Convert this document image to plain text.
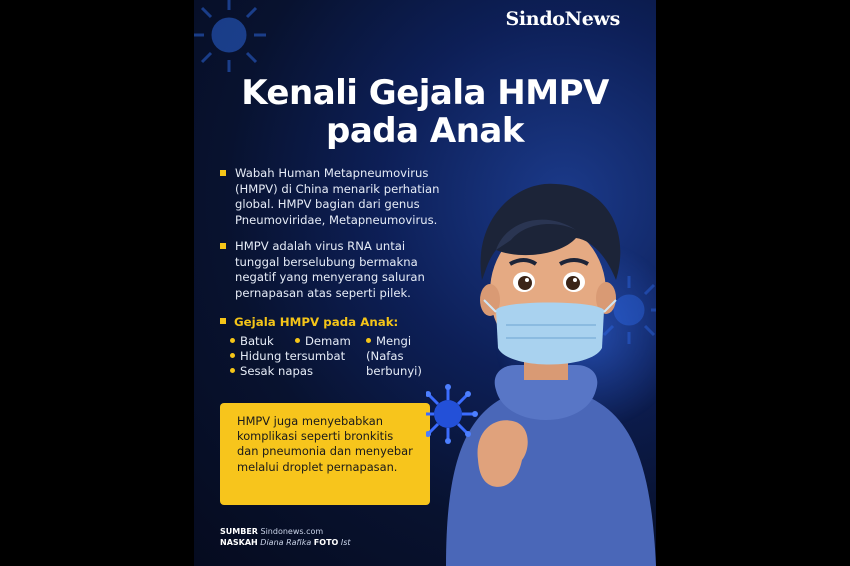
SindoNews
Kenali Gejala HMPV
pada Anak
Wabah Human Metapneumovirus (HMPV) di China menarik perhatian global. HMPV bagian dari genus Pneumoviridae, Metapneumovirus.
HMPV adalah virus RNA untai tunggal berselubung bermakna negatif yang menyerang saluran pernapasan atas seperti pilek.
Gejala HMPV pada Anak:
Batuk	Demam	Mengi (Nafas berbunyi)
Hidung tersumbat
Sesak napas
HMPV juga menyebabkan komplikasi seperti bronkitis dan pneumonia dan menyebar melalui droplet pernapasan.
SUMBER Sindonews.com
NASKAH Diana Rafika FOTO Ist
